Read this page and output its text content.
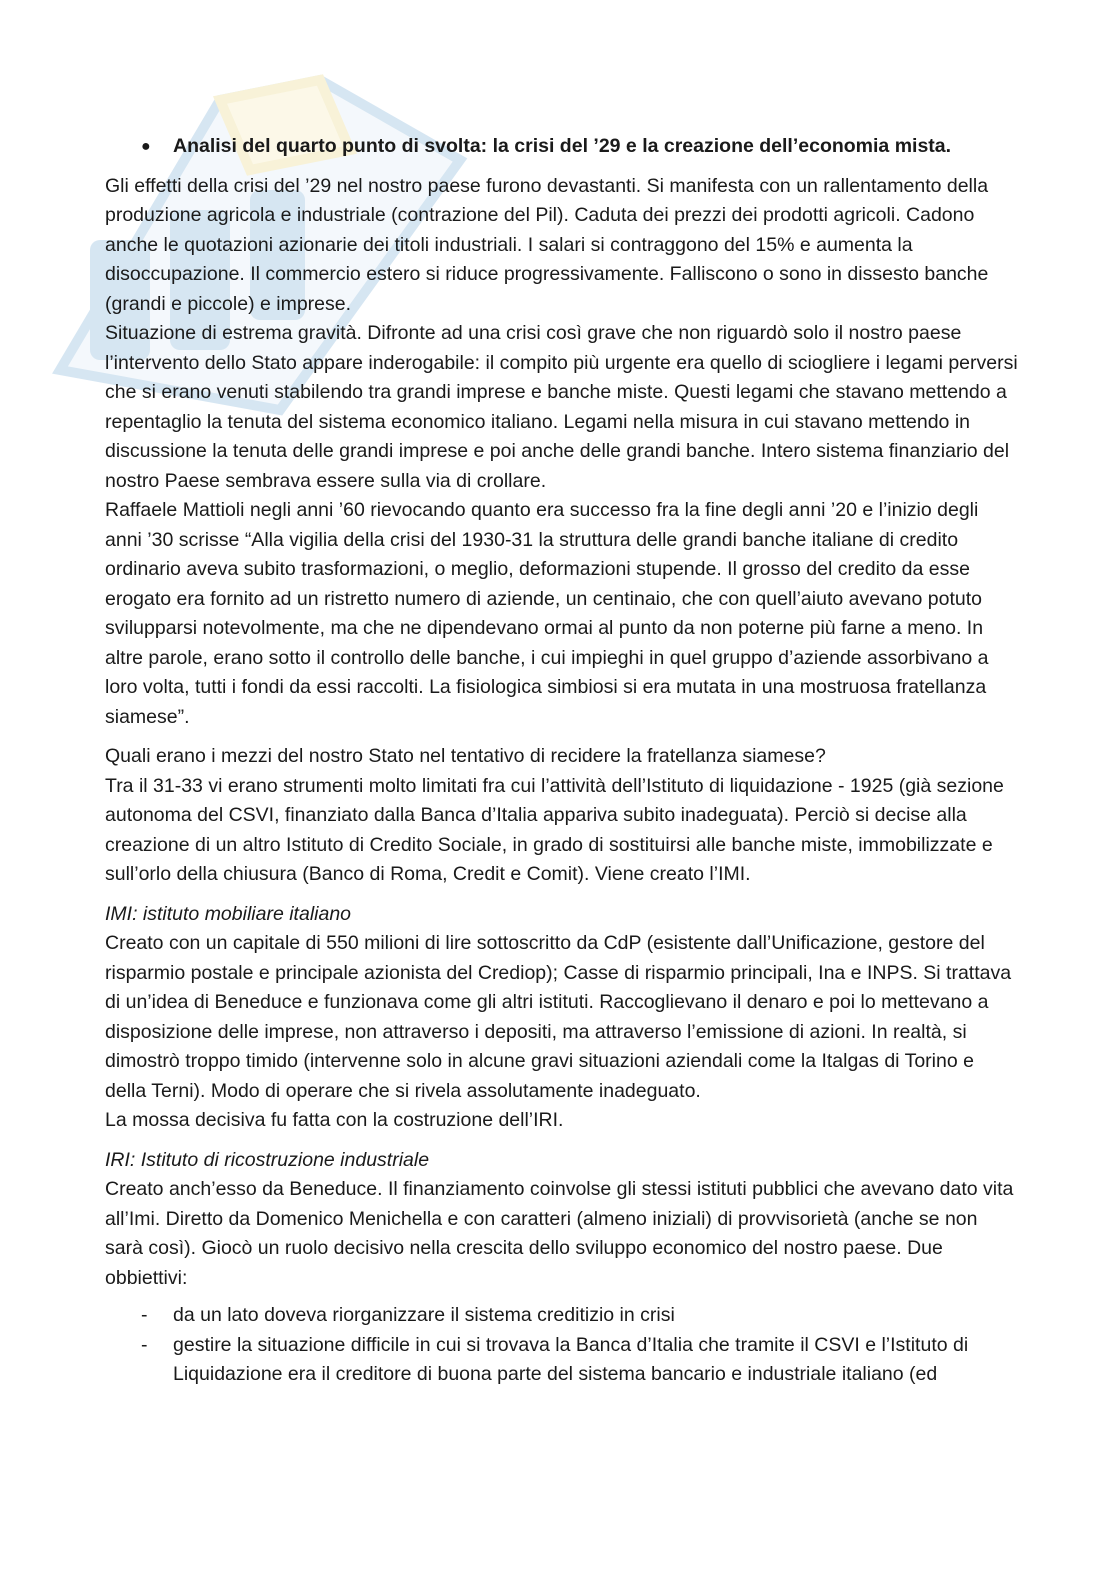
● Analisi del quarto punto di svolta: la crisi del ’29 e la creazione dell’economia mista.

Gli effetti della crisi del ’29 nel nostro paese furono devastanti. Si manifesta con un rallentamento della produzione agricola e industriale (contrazione del Pil). Caduta dei prezzi dei prodotti agricoli. Cadono anche le quotazioni azionarie dei titoli industriali. I salari si contraggono del 15% e aumenta la disoccupazione. Il commercio estero si riduce progressivamente. Falliscono o sono in dissesto banche (grandi e piccole) e imprese.

Situazione di estrema gravità. Difronte ad una crisi così grave che non riguardò solo il nostro paese l’intervento dello Stato appare inderogabile: il compito più urgente era quello di sciogliere i legami perversi che si erano venuti stabilendo tra grandi imprese e banche miste. Questi legami che stavano mettendo a repentaglio la tenuta del sistema economico italiano. Legami nella misura in cui stavano mettendo in discussione la tenuta delle grandi imprese e poi anche delle grandi banche. Intero sistema finanziario del nostro Paese sembrava essere sulla via di crollare.

Raffaele Mattioli negli anni ’60 rievocando quanto era successo fra la fine degli anni ’20 e l’inizio degli anni ’30 scrisse “Alla vigilia della crisi del 1930-31 la struttura delle grandi banche italiane di credito ordinario aveva subito trasformazioni, o meglio, deformazioni stupende. Il grosso del credito da esse erogato era fornito ad un ristretto numero di aziende, un centinaio, che con quell’aiuto avevano potuto svilupparsi notevolmente, ma che ne dipendevano ormai al punto da non poterne più farne a meno. In altre parole, erano sotto il controllo delle banche, i cui impieghi in quel gruppo d’aziende assorbivano a loro volta, tutti i fondi da essi raccolti. La fisiologica simbiosi si era mutata in una mostruosa fratellanza siamese”.

Quali erano i mezzi del nostro Stato nel tentativo di recidere la fratellanza siamese?

Tra il 31-33 vi erano strumenti molto limitati fra cui l’attività dell’Istituto di liquidazione - 1925 (già sezione autonoma del CSVI, finanziato dalla Banca d’Italia appariva subito inadeguata). Perciò si decise alla creazione di un altro Istituto di Credito Sociale, in grado di sostituirsi alle banche miste, immobilizzate e sull’orlo della chiusura (Banco di Roma, Credit e Comit). Viene creato l’IMI.

IMI: istituto mobiliare italiano

Creato con un capitale di 550 milioni di lire sottoscritto da CdP (esistente dall’Unificazione, gestore del risparmio postale e principale azionista del Crediop); Casse di risparmio principali, Ina e INPS. Si trattava di un’idea di Beneduce e funzionava come gli altri istituti. Raccoglievano il denaro e poi lo mettevano a disposizione delle imprese, non attraverso i depositi, ma attraverso l’emissione di azioni. In realtà, si dimostrò troppo timido (intervenne solo in alcune gravi situazioni aziendali come la Italgas di Torino e della Terni). Modo di operare che si rivela assolutamente inadeguato.

La mossa decisiva fu fatta con la costruzione dell’IRI.

IRI: Istituto di ricostruzione industriale

Creato anch’esso da Beneduce. Il finanziamento coinvolse gli stessi istituti pubblici che avevano dato vita all’Imi. Diretto da Domenico Menichella e con caratteri (almeno iniziali) di provvisorietà (anche se non sarà così). Giocò un ruolo decisivo nella crescita dello sviluppo economico del nostro paese. Due obbiettivi:

- da un lato doveva riorganizzare il sistema creditizio in crisi
- gestire la situazione difficile in cui si trovava la Banca d’Italia che tramite il CSVI e l’Istituto di Liquidazione era il creditore di buona parte del sistema bancario e industriale italiano (ed
